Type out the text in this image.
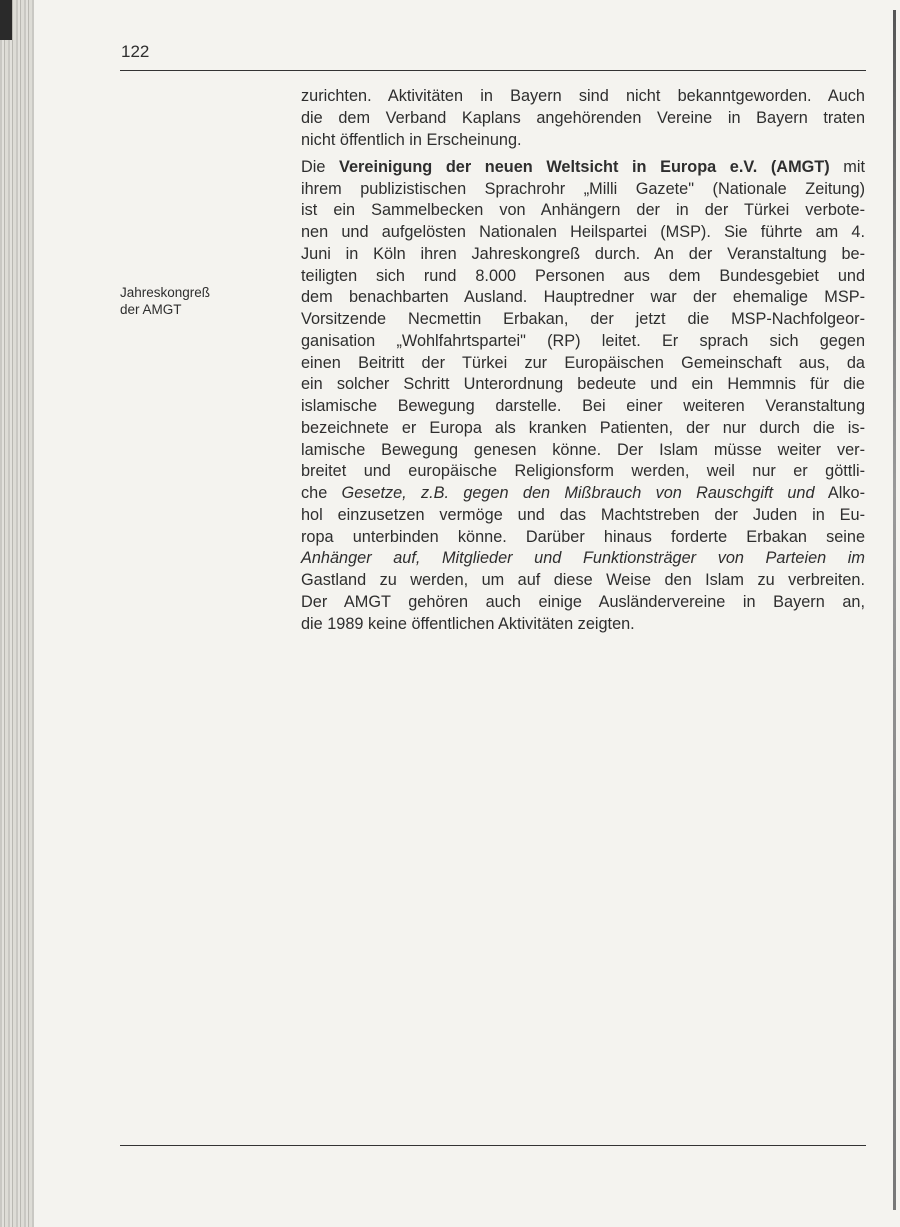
122
Jahreskongreß
der AMGT
zurichten. Aktivitäten in Bayern sind nicht bekanntgeworden. Auch
die dem Verband Kaplans angehörenden Vereine in Bayern traten
nicht öffentlich in Erscheinung.
Die Vereinigung der neuen Weltsicht in Europa e.V. (AMGT) mit
ihrem publizistischen Sprachrohr „Milli Gazete" (Nationale Zeitung)
ist ein Sammelbecken von Anhängern der in der Türkei verbote-
nen und aufgelösten Nationalen Heilspartei (MSP). Sie führte am 4.
Juni in Köln ihren Jahreskongreß durch. An der Veranstaltung be-
teiligten sich rund 8.000 Personen aus dem Bundesgebiet und
dem benachbarten Ausland. Hauptredner war der ehemalige MSP-
Vorsitzende Necmettin Erbakan, der jetzt die MSP-Nachfolgeor-
ganisation „Wohlfahrtspartei" (RP) leitet. Er sprach sich gegen
einen Beitritt der Türkei zur Europäischen Gemeinschaft aus, da
ein solcher Schritt Unterordnung bedeute und ein Hemmnis für die
islamische Bewegung darstelle. Bei einer weiteren Veranstaltung
bezeichnete er Europa als kranken Patienten, der nur durch die is-
lamische Bewegung genesen könne. Der Islam müsse weiter ver-
breitet und europäische Religionsform werden, weil nur er göttli-
che Gesetze, z.B. gegen den Mißbrauch von Rauschgift und Alko-
hol einzusetzen vermöge und das Machtstreben der Juden in Eu-
ropa unterbinden könne. Darüber hinaus forderte Erbakan seine
Anhänger auf, Mitglieder und Funktionsträger von Parteien im
Gastland zu werden, um auf diese Weise den Islam zu verbreiten.
Der AMGT gehören auch einige Ausländervereine in Bayern an,
die 1989 keine öffentlichen Aktivitäten zeigten.
